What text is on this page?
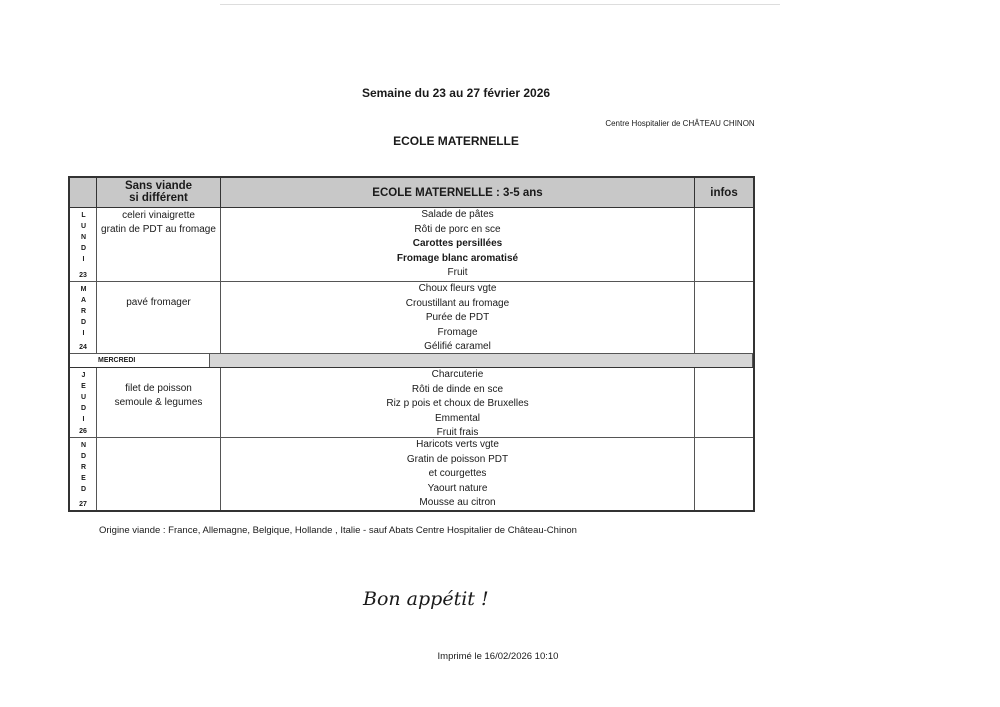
Semaine du 23 au 27 février 2026
Centre Hospitalier de CHÂTEAU CHINON
ECOLE MATERNELLE
Sans viande
si différent	ECOLE MATERNELLE : 3-5 ans	infos
L U N D I
23
celeri vinaigrette
gratin de PDT au fromage
Salade de pâtes
Rôti de porc en sce
Carottes persillées
Fromage blanc aromatisé
Fruit
M A R D I
24
pavé fromager
Choux fleurs vgte
Croustillant au fromage
Purée de PDT
Fromage
Gélifié caramel
MERCREDI
J E U D I
26
filet de poisson
semoule & legumes
Charcuterie
Rôti de dinde en sce
Riz p pois et choux de Bruxelles
Emmental
Fruit frais
N D R E D
27
Haricots verts vgte
Gratin de poisson PDT
et courgettes
Yaourt nature
Mousse au citron
Origine viande : France, Allemagne, Belgique, Hollande , Italie - sauf Abats Centre Hospitalier de Château-Chinon
Bon appétit !
Imprimé le 16/02/2026 10:10
